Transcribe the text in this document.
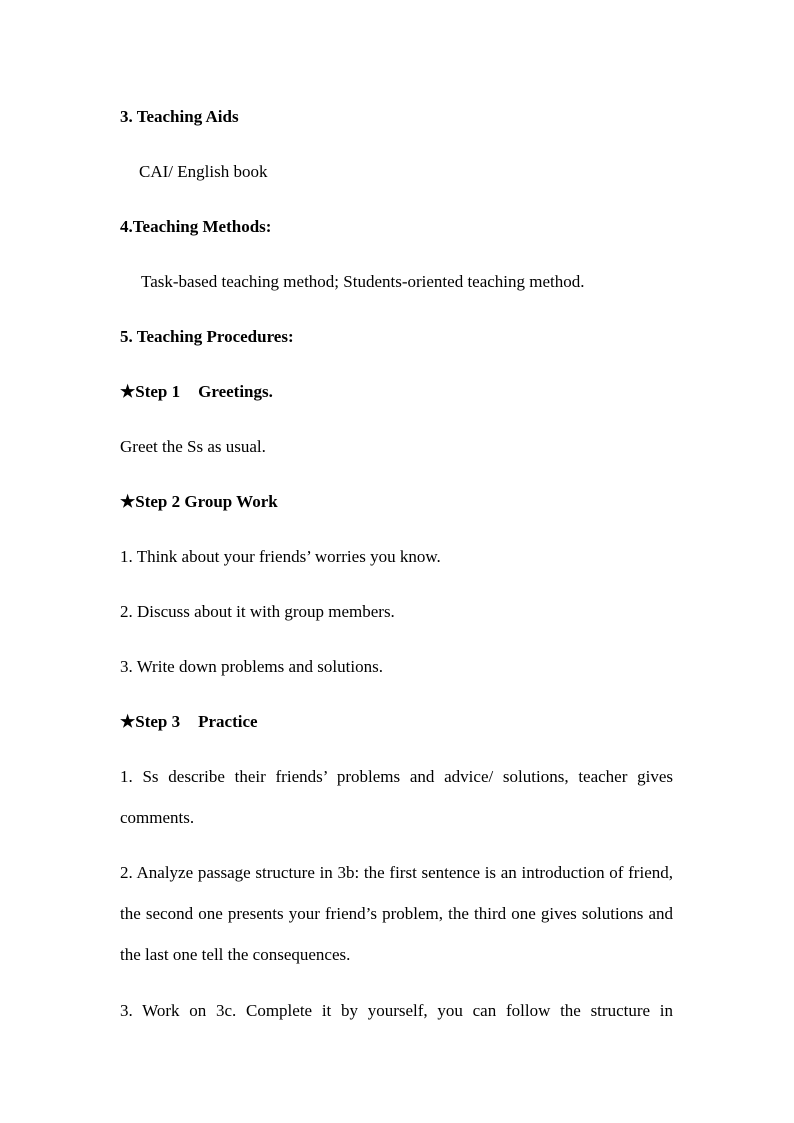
3. Teaching Aids
CAI/ English book
4.Teaching Methods:
Task-based teaching method; Students-oriented teaching method.
5. Teaching Procedures:
★Step 1 Greetings.
Greet the Ss as usual.
★Step 2 Group Work
1. Think about your friends’ worries you know.
2. Discuss about it with group members.
3. Write down problems and solutions.
★Step 3 Practice
1. Ss describe their friends’ problems and advice/ solutions, teacher gives comments.
2. Analyze passage structure in 3b: the first sentence is an introduction of friend, the second one presents your friend’s problem, the third one gives solutions and the last one tell the consequences.
3. Work on 3c. Complete it by yourself, you can follow the structure in
